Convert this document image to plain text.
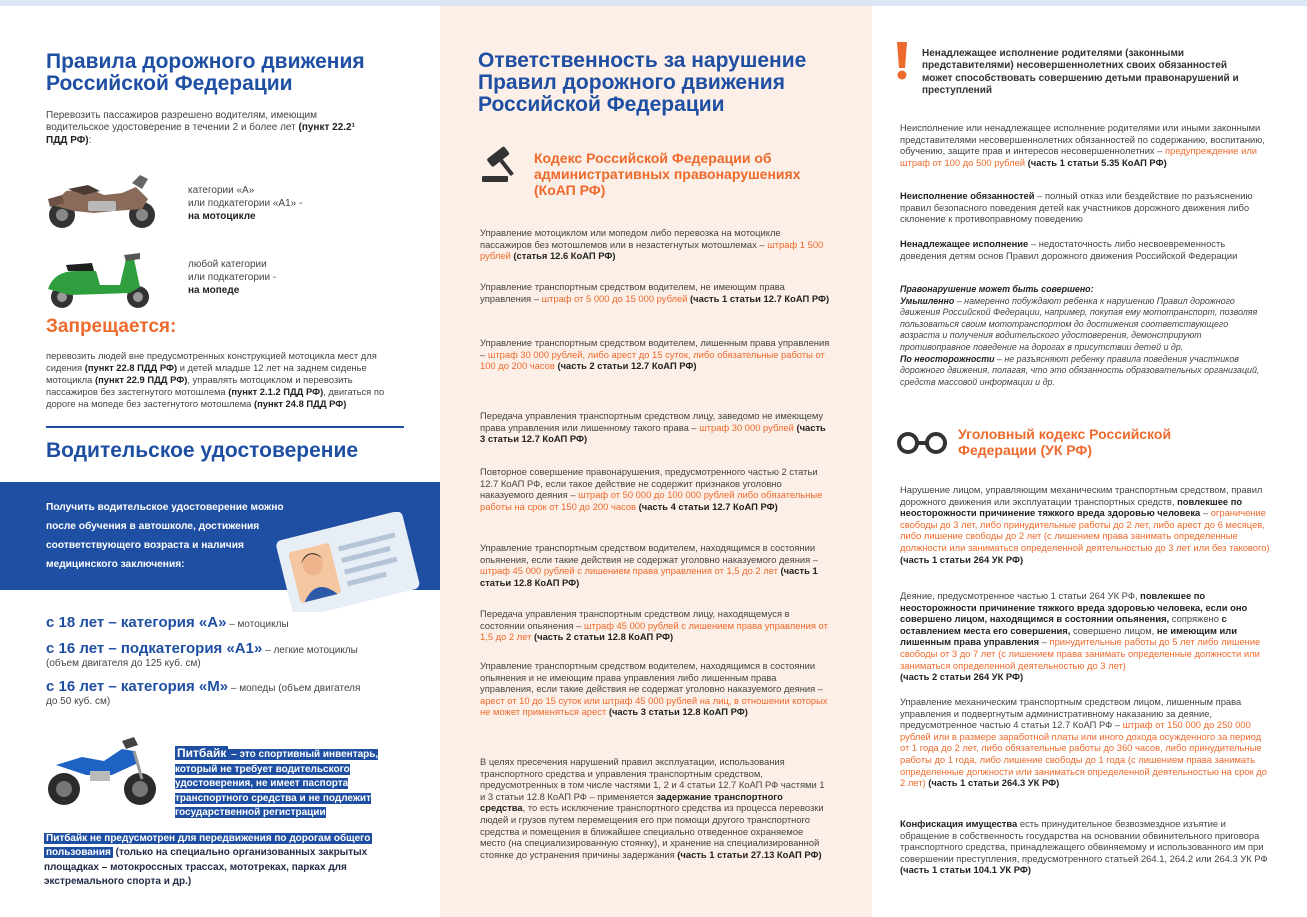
Правила дорожного движения Российской Федерации
Перевозить пассажиров разрешено водителям, имеющим водительское удостоверение в течении 2 и более лет (пункт 22.2¹ ПДД РФ):
категории «А»
или подкатегории «А1» -
на мотоцикле
любой категории
или подкатегории -
на мопеде
Запрещается:
перевозить людей вне предусмотренных конструкцией мотоцикла мест для сидения (пункт 22.8 ПДД РФ) и детей младше 12 лет на заднем сиденье мотоцикла (пункт 22.9 ПДД РФ), управлять мотоциклом и перевозить пассажиров без застегнутого мотошлема (пункт 2.1.2 ПДД РФ), двигаться по дороге на мопеде без застегнутого мотошлема (пункт 24.8 ПДД РФ)
Водительское удостоверение
Получить водительское удостоверение можно после обучения в автошколе, достижения соответствующего возраста и наличия медицинского заключения:
с 18 лет – категория «А» – мотоциклы
с 16 лет – подкатегория «А1» – легкие мотоциклы
(объем двигателя до 125 куб. см)
с 16 лет – категория «М» – мопеды (объем двигателя
до 50 куб. см)
Питбайк – это спортивный инвентарь, который не требует водительского удостоверения, не имеет паспорта транспортного средства и не подлежит государственной регистрации
Питбайк не предусмотрен для передвижения по дорогам общего
пользования (только на специально организованных закрытых площадках – мотокроссных трассах, мототреках, парках для экстремального спорта и др.)
Ответственность за нарушение Правил дорожного движения Российской Федерации
Кодекс Российской Федерации об административных правонарушениях (КоАП РФ)
Управление мотоциклом или мопедом либо перевозка на мотоцикле пассажиров без мотошлемов или в незастегнутых мотошлемах – штраф 1 500 рублей (статья 12.6 КоАП РФ)
Управление транспортным средством водителем, не имеющим права управления – штраф от 5 000 до 15 000 рублей (часть 1 статьи 12.7 КоАП РФ)
Управление транспортным средством водителем, лишенным права управления – штраф 30 000 рублей, либо арест до 15 суток, либо обязательные работы от 100 до 200 часов (часть 2 статьи 12.7 КоАП РФ)
Передача управления транспортным средством лицу, заведомо не имеющему права управления или лишенному такого права – штраф 30 000 рублей (часть 3 статьи 12.7 КоАП РФ)
Повторное совершение правонарушения, предусмотренного частью 2 статьи 12.7 КоАП РФ, если такое действие не содержит признаков уголовно наказуемого деяния – штраф от 50 000 до 100 000 рублей либо обязательные работы на срок от 150 до 200 часов (часть 4 статьи 12.7 КоАП РФ)
Управление транспортным средством водителем, находящимся в состоянии опьянения, если такие действия не содержат уголовно наказуемого деяния – штраф 45 000 рублей с лишением права управления от 1,5 до 2 лет (часть 1 статьи 12.8 КоАП РФ)
Передача управления транспортным средством лицу, находящемуся в состоянии опьянения – штраф 45 000 рублей с лишением права управления от 1,5 до 2 лет (часть 2 статьи 12.8 КоАП РФ)
Управление транспортным средством водителем, находящимся в состоянии опьянения и не имеющим права управления либо лишенным права управления, если такие действия не содержат уголовно наказуемого деяния – арест от 10 до 15 суток или штраф 45 000 рублей на лиц, в отношении которых не может применяться арест (часть 3 статьи 12.8 КоАП РФ)
В целях пресечения нарушений правил эксплуатации, использования транспортного средства и управления транспортным средством, предусмотренных в том числе частями 1, 2 и 4 статьи 12.7 КоАП РФ частями 1 и 3 статьи 12.8 КоАП РФ – применяется задержание транспортного средства, то есть исключение транспортного средства из процесса перевозки людей и грузов путем перемещения его при помощи другого транспортного средства и помещения в ближайшее специально отведенное охраняемое место (на специализированную стоянку), и хранение на специализированной стоянке до устранения причины задержания (часть 1 статьи 27.13 КоАП РФ)
Ненадлежащее исполнение родителями (законными представителями) несовершеннолетних своих обязанностей может способствовать совершению детьми правонарушений и преступлений
Неисполнение или ненадлежащее исполнение родителями или иными законными представителями несовершеннолетних обязанностей по содержанию, воспитанию, обучению, защите прав и интересов несовершеннолетних – предупреждение или штраф от 100 до 500 рублей (часть 1 статьи 5.35 КоАП РФ)
Неисполнение обязанностей – полный отказ или бездействие по разъяснению правил безопасного поведения детей как участников дорожного движения либо склонение к противоправному поведению
Ненадлежащее исполнение – недостаточность либо несвоевременность доведения детям основ Правил дорожного движения Российской Федерации
Правонарушение может быть совершено:
Умышленно – намеренно побуждают ребенка к нарушению Правил дорожного движения Российской Федерации, например, покупая ему мототранспорт, позволяя пользоваться своим мототранспортом до достижения соответствующего возраста и получения водительского удостоверения, демонстрируют противоправное поведение на дорогах в присутствии детей и др.
По неосторожности – не разъясняют ребенку правила поведения участников дорожного движения, полагая, что это обязанность образовательных организаций, средств массовой информации и др.
Уголовный кодекс Российской Федерации (УК РФ)
Нарушение лицом, управляющим механическим транспортным средством, правил дорожного движения или эксплуатации транспортных средств, повлекшее по неосторожности причинение тяжкого вреда здоровью человека – ограничение свободы до 3 лет, либо принудительные работы до 2 лет, либо арест до 6 месяцев, либо лишение свободы до 2 лет (с лишением права занимать определенные должности или заниматься определенной деятельностью до 3 лет или без такового)
(часть 1 статьи 264 УК РФ)
Деяние, предусмотренное частью 1 статьи 264 УК РФ, повлекшее по неосторожности причинение тяжкого вреда здоровью человека, если оно совершено лицом, находящимся в состоянии опьянения, сопряжено с оставлением места его совершения, совершено лицом, не имеющим или лишенным права управления – принудительные работы до 5 лет либо лишение свободы от 3 до 7 лет (с лишением права занимать определенные должности или заниматься определенной деятельностью до 3 лет)
(часть 2 статьи 264 УК РФ)
Управление механическим транспортным средством лицом, лишенным права управления и подвергнутым административному наказанию за деяние, предусмотренное частью 4 статьи 12.7 КоАП РФ – штраф от 150 000 до 250 000 рублей или в размере заработной платы или иного дохода осужденного за период от 1 года до 2 лет, либо обязательные работы до 360 часов, либо принудительные работы до 1 года, либо лишение свободы до 1 года (с лишением права занимать определенные должности или заниматься определенной деятельностью на срок до 2 лет) (часть 1 статьи 264.3 УК РФ)
Конфискация имущества есть принудительное безвозмездное изъятие и обращение в собственность государства на основании обвинительного приговора транспортного средства, принадлежащего обвиняемому и использованного им при совершении преступления, предусмотренного статьей 264.1, 264.2 или 264.3 УК РФ (часть 1 статьи 104.1 УК РФ)
